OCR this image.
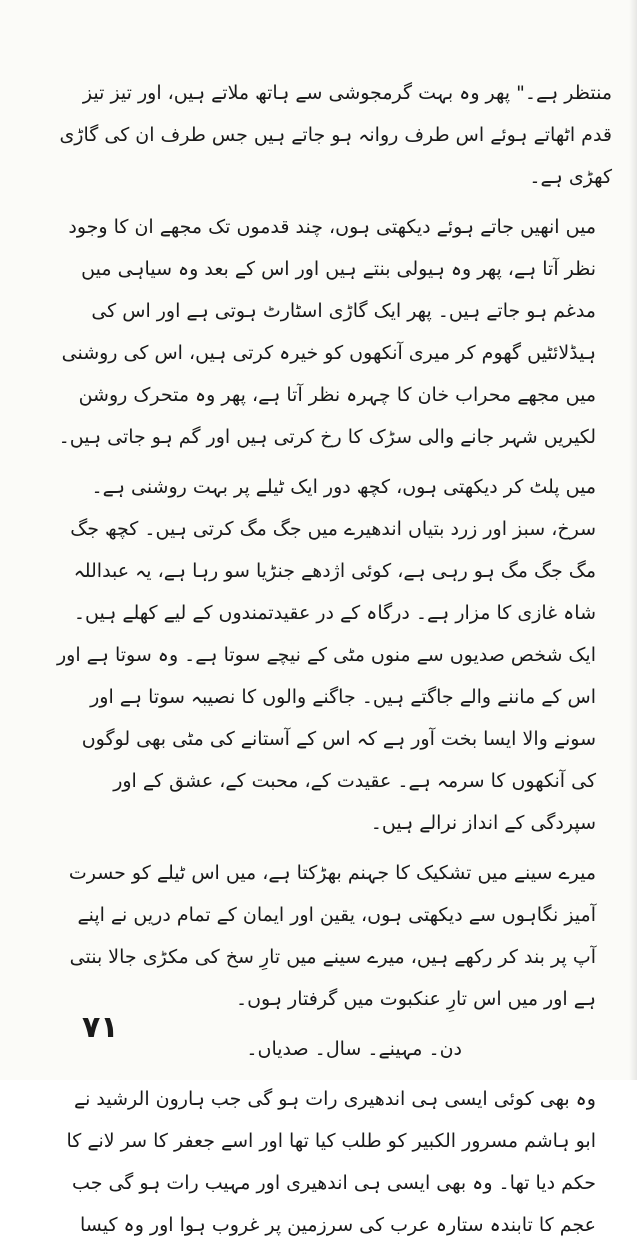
منتظر ہے۔" پھر وہ بہت گرمجوشی سے ہاتھ ملاتے ہیں، اور تیز تیز قدم اٹھاتے ہوئے اس طرف روانہ ہو جاتے ہیں جس طرف ان کی گاڑی کھڑی ہے۔

میں انھیں جاتے ہوئے دیکھتی ہوں، چند قدموں تک مجھے ان کا وجود نظر آتا ہے، پھر وہ ہیولی بنتے ہیں اور اس کے بعد وہ سیاہی میں مدغم ہو جاتے ہیں۔ پھر ایک گاڑی اسٹارٹ ہوتی ہے اور اس کی ہیڈلائٹیں گھوم کر میری آنکھوں کو خیرہ کرتی ہیں، اس کی روشنی میں مجھے محراب خان کا چہرہ نظر آتا ہے، پھر وہ متحرک روشن لکیریں شہر جانے والی سڑک کا رخ کرتی ہیں اور گم ہو جاتی ہیں۔

میں پلٹ کر دیکھتی ہوں، کچھ دور ایک ٹیلے پر بہت روشنی ہے۔ سرخ، سبز اور زرد بتیاں اندھیرے میں جگ مگ کرتی ہیں۔ کچھ جگ مگ جگ مگ ہو رہی ہے، کوئی اژدھے جنڑیا سو رہا ہے، یہ عبداللہ شاہ غازی کا مزار ہے۔ درگاہ کے در عقیدتمندوں کے لیے کھلے ہیں۔ ایک شخص صدیوں سے منوں مٹی کے نیچے سوتا ہے۔ وہ سوتا ہے اور اس کے ماننے والے جاگتے ہیں۔ جاگنے والوں کا نصیبہ سوتا ہے اور سونے والا ایسا بخت آور ہے کہ اس کے آستانے کی مٹی بھی لوگوں کی آنکھوں کا سرمہ ہے۔ عقیدت کے، محبت کے، عشق کے اور سپردگی کے انداز نرالے ہیں۔

میرے سینے میں تشکیک کا جہنم بھڑکتا ہے، میں اس ٹیلے کو حسرت آمیز نگاہوں سے دیکھتی ہوں، یقین اور ایمان کے تمام دریں نے اپنے آپ پر بند کر رکھے ہیں، میرے سینے میں تارِ سخ کی مکڑی جالا بنتی ہے اور میں اس تارِ عنکبوت میں گرفتار ہوں۔

دن۔ مہینے۔ سال۔ صدیاں۔

وہ بھی کوئی ایسی ہی اندھیری رات ہو گی جب ہارون الرشید نے ابو ہاشم مسرور الکبیر کو طلب کیا تھا اور اسے جعفر کا سر لانے کا حکم دیا تھا۔ وہ بھی ایسی ہی اندھیری اور مہیب رات ہو گی جب عجم کا تابندہ ستارہ عرب کی سرزمین پر غروب ہوا اور وہ کیسا

۷۱
